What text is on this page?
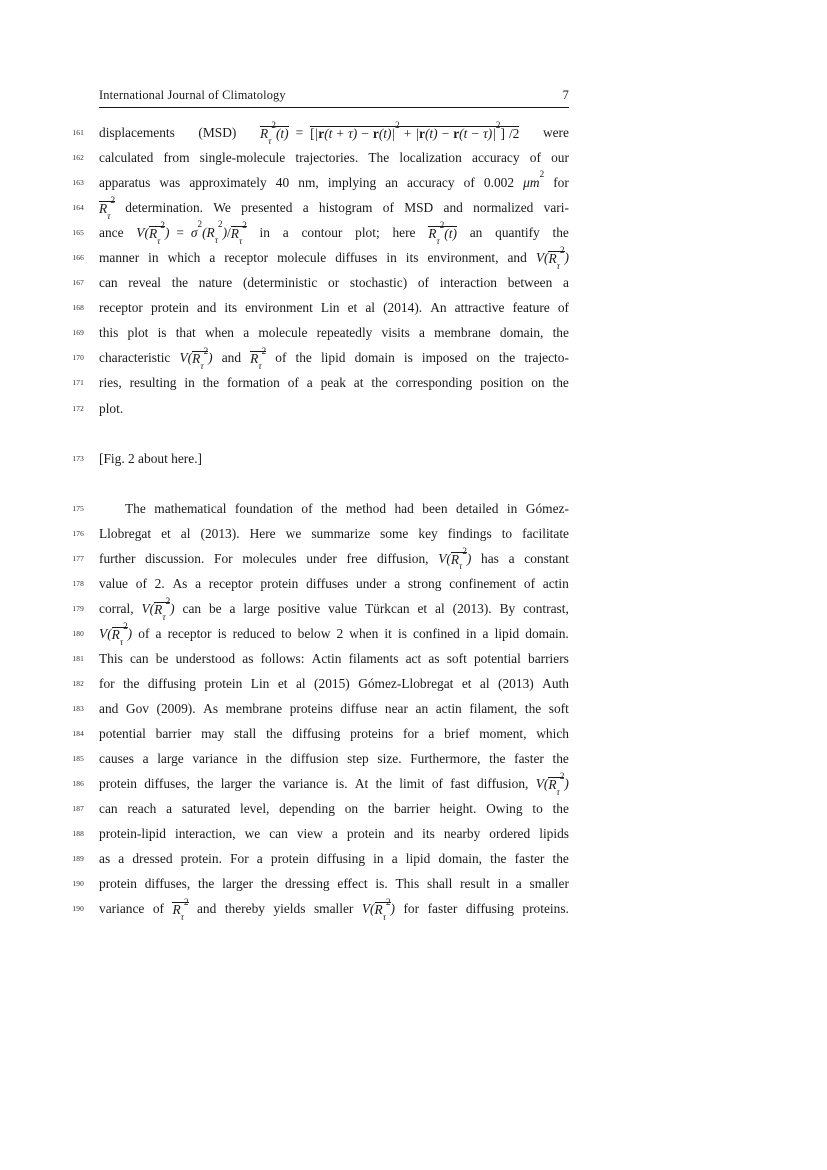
International Journal of Climatology	7
161 displacements (MSD) $R_\tau^2(t) = [|r(t + \tau) - r(t)|^2+ |r(t) - r(t - \tau)|^2]$ /2 were
162 calculated from single-molecule trajectories. The localization accuracy of our
163 apparatus was approximately 40 nm, implying an accuracy of 0.002 $\mu m^2$
for
164 $R_\tau^2$ determination. We presented a histogram of MSD and normalized vari-
165 ance $V(R_\tau^2) = \sigma^2(R_\tau^2)/R_\tau^2$ in a contour plot; here $R_\tau^2(t)$ an quantify the
166 manner in which a receptor molecule diffuses in its environment, and $V(R_\tau^2)$
167 can reveal the nature (deterministic or stochastic) of interaction between a
168 receptor protein and its environment Lin et al (2014). An attractive feature of
169 this plot is that when a molecule repeatedly visits a membrane domain, the
170 characteristic $V(R_\tau^2)$ and $R_\tau^2$ of the lipid domain is imposed on the trajecto-
171 ries, resulting in the formation of a peak at the corresponding position on the
172 plot.
173 [Fig. 2 about here.]
175	The mathematical foundation of the method had been detailed in Gómez-
176 Llobregat et al (2013). Here we summarize some key findings to facilitate
177 further discussion. For molecules under free diffusion, $V(R_\tau^2)$ has a constant
178 value of 2. As a receptor protein diffuses under a strong confinement of actin
179 corral, $V(R_\tau^2)$ can be a large positive value Türkcan et al (2013). By contrast,
180 $V(R_\tau^2)$ of a receptor is reduced to below 2 when it is confined in a lipid domain.
181 This can be understood as follows: Actin filaments act as soft potential barriers
182 for the diffusing protein Lin et al (2015) Gómez-Llobregat et al (2013) Auth
183 and Gov (2009). As membrane proteins diffuse near an actin filament, the soft
184 potential barrier may stall the diffusing proteins for a brief moment, which
185 causes a large variance in the diffusion step size. Furthermore, the faster the
186 protein diffuses, the larger the variance is. At the limit of fast diffusion, $V(R_\tau^2)$
187 can reach a saturated level, depending on the barrier height. Owing to the
188 protein-lipid interaction, we can view a protein and its nearby ordered lipids
189 as a dressed protein. For a protein diffusing in a lipid domain, the faster the
190 protein diffuses, the larger the dressing effect is. This shall result in a smaller
190 variance of $R_\tau^2$ and thereby yields smaller $V(R_\tau^2)$ for faster diffusing proteins.
